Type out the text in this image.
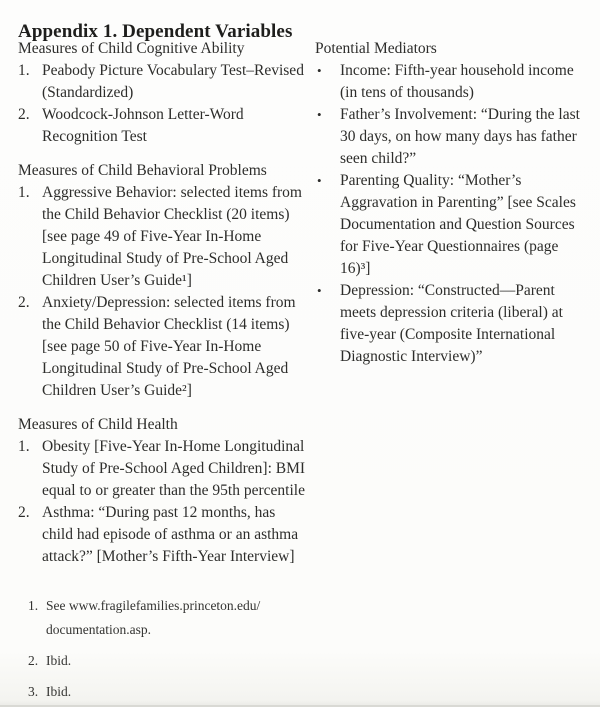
Appendix 1. Dependent Variables
Measures of Child Cognitive Ability
1. Peabody Picture Vocabulary Test–Revised (Standardized)
2. Woodcock-Johnson Letter-Word Recognition Test
Measures of Child Behavioral Problems
1. Aggressive Behavior: selected items from the Child Behavior Checklist (20 items) [see page 49 of Five-Year In-Home Longitudinal Study of Pre-School Aged Children User’s Guide¹]
2. Anxiety/Depression: selected items from the Child Behavior Checklist (14 items) [see page 50 of Five-Year In-Home Longitudinal Study of Pre-School Aged Children User’s Guide²]
Measures of Child Health
1. Obesity [Five-Year In-Home Longitudinal Study of Pre-School Aged Children]: BMI equal to or greater than the 95th percentile
2. Asthma: “During past 12 months, has child had episode of asthma or an asthma attack?” [Mother’s Fifth-Year Interview]
Potential Mediators
•	Income: Fifth-year household income (in tens of thousands)
•	Father’s Involvement: “During the last 30 days, on how many days has father seen child?”
•	Parenting Quality: “Mother’s Aggravation in Parenting” [see Scales Documentation and Question Sources for Five-Year Questionnaires (page 16)³]
•	Depression: “Constructed—Parent meets depression criteria (liberal) at five-year (Composite International Diagnostic Interview)”
1. See www.fragilefamilies.princeton.edu/
documentation.asp.
2. Ibid.
3. Ibid.
